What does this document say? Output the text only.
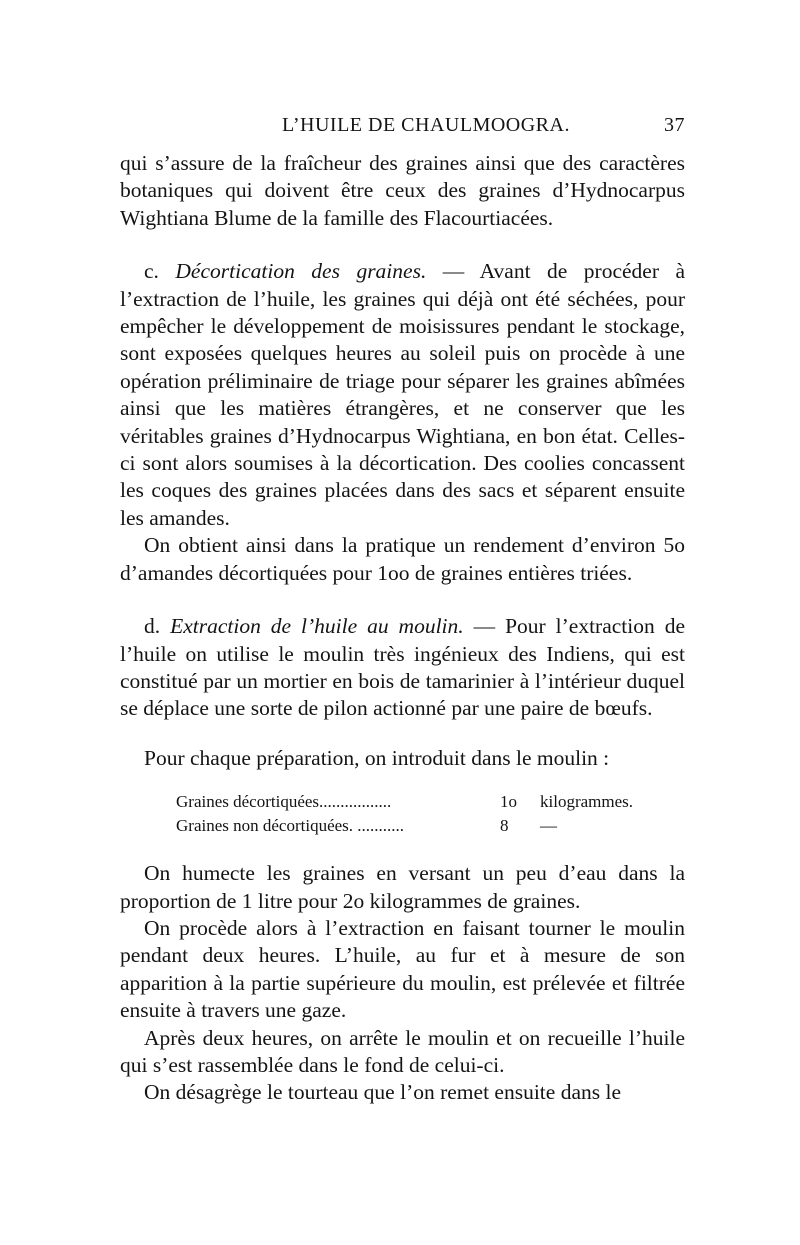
L’HUILE DE CHAULMOOGRA.	37

qui s’assure de la fraîcheur des graines ainsi que des caractères botaniques qui doivent être ceux des graines d’Hydnocarpus Wightiana Blume de la famille des Flacourtiacées.

c. Décortication des graines. — Avant de procéder à l’extraction de l’huile, les graines qui déjà ont été séchées, pour empêcher le développement de moisissures pendant le stockage, sont exposées quelques heures au soleil puis on procède à une opération préliminaire de triage pour séparer les graines abîmées ainsi que les matières étrangères, et ne conserver que les véritables graines d’Hydnocarpus Wightiana, en bon état. Celles-ci sont alors soumises à la décortication. Des coolies concassent les coques des graines placées dans des sacs et séparent ensuite les amandes.

On obtient ainsi dans la pratique un rendement d’environ 5o d’amandes décortiquées pour 1oo de graines entières triées.

d. Extraction de l’huile au moulin. — Pour l’extraction de l’huile on utilise le moulin très ingénieux des Indiens, qui est constitué par un mortier en bois de tamarinier à l’intérieur duquel se déplace une sorte de pilon actionné par une paire de bœufs.

Pour chaque préparation, on introduit dans le moulin :

Graines décortiquées.................	1o	kilogrammes.
Graines non décortiquées. ...........	8	—

On humecte les graines en versant un peu d’eau dans la proportion de 1 litre pour 2o kilogrammes de graines.

On procède alors à l’extraction en faisant tourner le moulin pendant deux heures. L’huile, au fur et à mesure de son apparition à la partie supérieure du moulin, est prélevée et filtrée ensuite à travers une gaze.

Après deux heures, on arrête le moulin et on recueille l’huile qui s’est rassemblée dans le fond de celui-ci.

On désagrège le tourteau que l’on remet ensuite dans le
